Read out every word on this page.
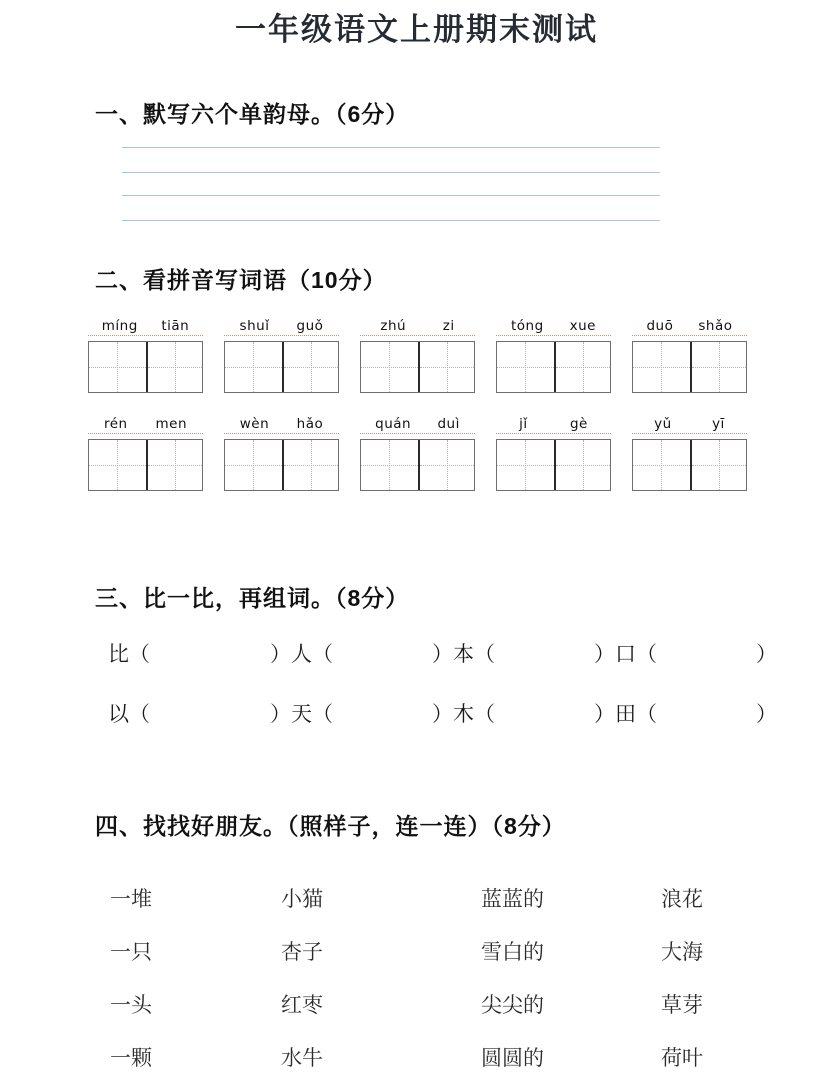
一年级语文上册期末测试
一、默写六个单韵母。（6分）
二、看拼音写词语（10分）
míng tiān	shuǐ guǒ	zhú	zi	tóng xue	duō shǎo
rén men	wèn hǎo	quán duì	jǐ	gè	yǔ	yī
三、比一比，再组词。（8分）
比（	）人（	）本（	）口（	）
以（	）天（	）木（	）田（	）
四、找找好朋友。（照样子，连一连）（8分）
一堆	小猫	蓝蓝的	浪花
一只	杏子	雪白的	大海
一头	红枣	尖尖的	草芽
一颗	水牛	圆圆的	荷叶
